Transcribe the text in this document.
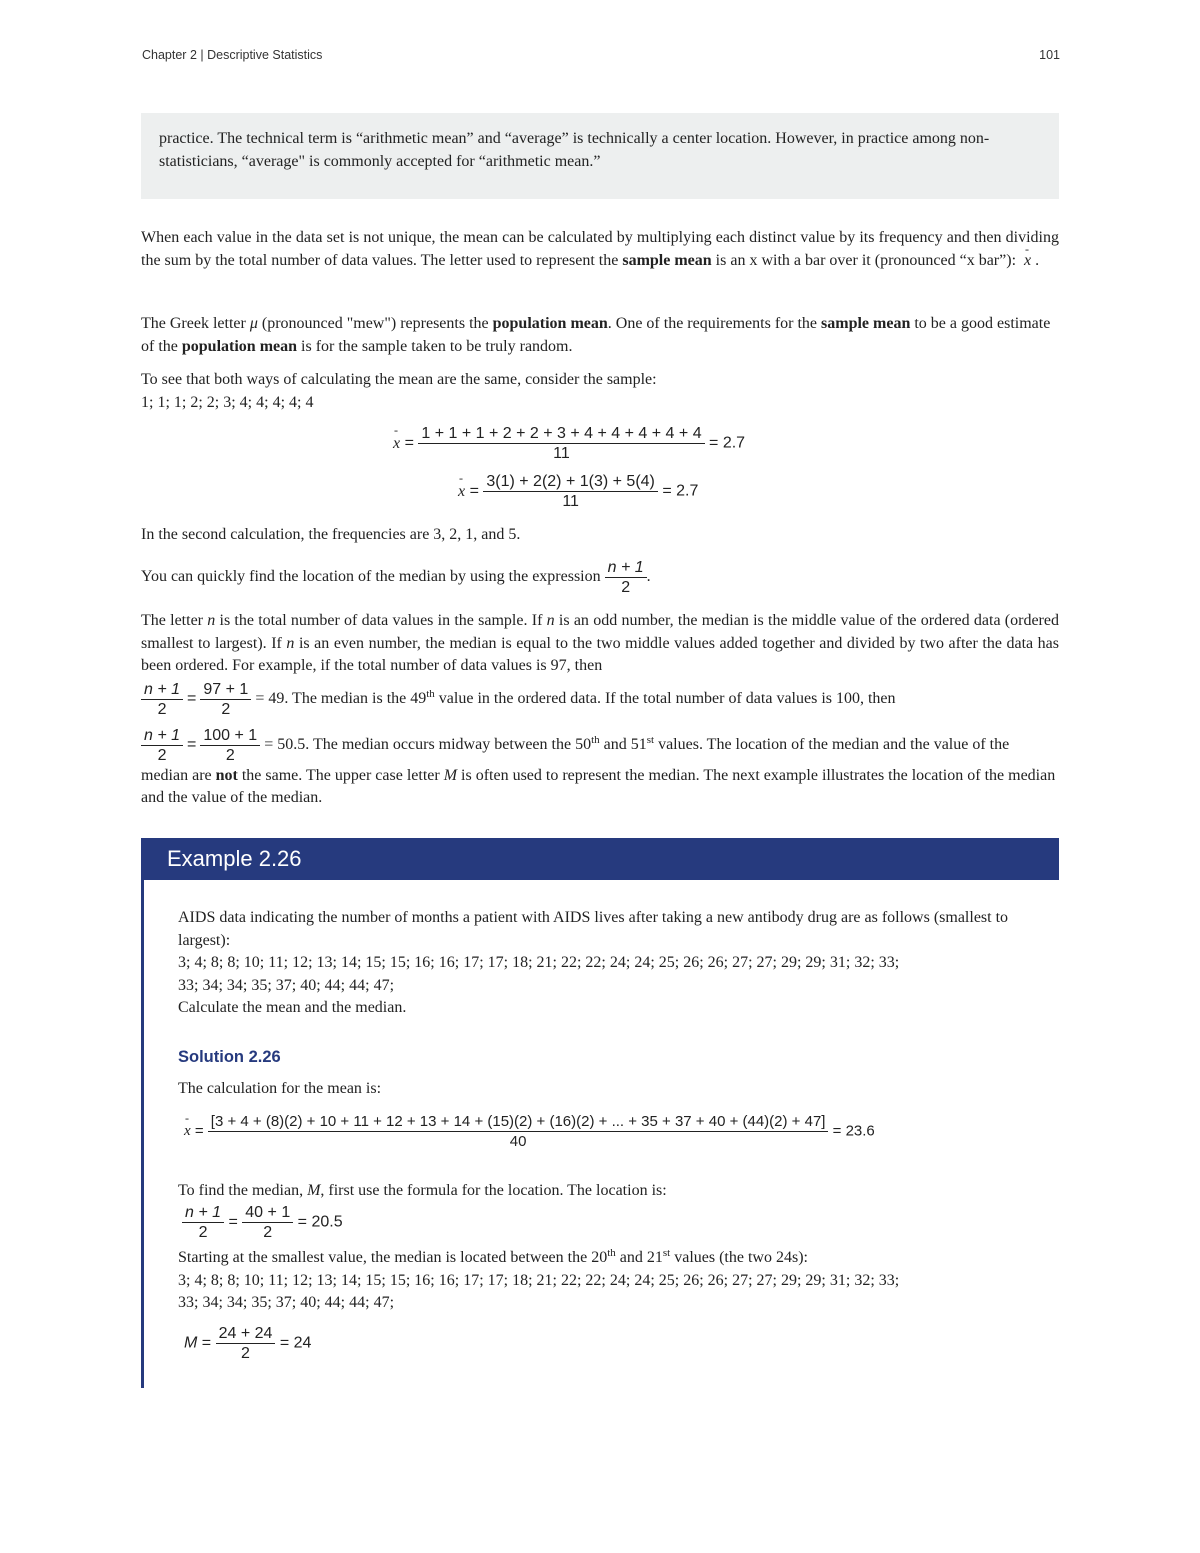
Chapter 2 | Descriptive Statistics	101
practice. The technical term is “arithmetic mean” and “average” is technically a center location. However, in practice among non-statisticians, “average" is commonly accepted for “arithmetic mean.”

When each value in the data set is not unique, the mean can be calculated by multiplying each distinct value by its frequency and then dividing the sum by the total number of data values. The letter used to represent the sample mean is an x with a bar over it (pronounced “x bar”):  - x .

The Greek letter μ (pronounced "mew") represents the population mean. One of the requirements for the sample mean to be a good estimate of the population mean is for the sample taken to be truly random.

To see that both ways of calculating the mean are the same, consider the sample:
1; 1; 1; 2; 2; 3; 4; 4; 4; 4; 4

- $x = \frac{1 + 1 + 1 + 2 + 2 + 3 + 4 + 4 + 4 + 4 + 4}{11} = 2.7$
- $x = \frac{3(1) + 2(2) + 1(3) + 5(4)}{11} = 2.7$

In the second calculation, the frequencies are 3, 2, 1, and 5.

You can quickly find the location of the median by using the expression $\frac{n + 1}{2}$ .

The letter n is the total number of data values in the sample. If n is an odd number, the median is the middle value of the ordered data (ordered smallest to largest). If n is an even number, the median is equal to the two middle values added together and divided by two after the data has been ordered. For example, if the total number of data values is 97, then

$\frac{n + 1}{2} = \frac{97 + 1}{2} = 49$. The median is the 49th value in the ordered data. If the total number of data values is 100, then
$\frac{n + 1}{2} = \frac{100 + 1}{2} = 50.5$. The median occurs midway between the 50th and 51st values. The location of the median and the value of the median are not the same. The upper case letter M is often used to represent the median. The next example illustrates the location of the median and the value of the median.
Example 2.26

AIDS data indicating the number of months a patient with AIDS lives after taking a new antibody drug are as follows (smallest to largest):
3; 4; 8; 8; 10; 11; 12; 13; 14; 15; 15; 16; 16; 17; 17; 18; 21; 22; 22; 24; 24; 25; 26; 26; 27; 27; 29; 29; 31; 32; 33;
33; 34; 34; 35; 37; 40; 44; 44; 47;
Calculate the mean and the median.

Solution 2.26

The calculation for the mean is:

- x =
[3 + 4 + (8)(2) + 10 + 11 + 12 + 13 + 14 + (15)(2) + (16)(2) + ... + 35 + 37 + 40 + (44)(2) + 47]
40
= 23.6

To find the median, M, first use the formula for the location. The location is:

$\frac{n + 1}{2} = \frac{40 + 1}{2} = 20.5$

Starting at the smallest value, the median is located between the 20th and 21st values (the two 24s):
3; 4; 8; 8; 10; 11; 12; 13; 14; 15; 15; 16; 16; 17; 17; 18; 21; 22; 22; 24; 24; 25; 26; 26; 27; 27; 29; 29; 31; 32; 33;
33; 34; 34; 35; 37; 40; 44; 44; 47;

$M = \frac{24 + 24}{2} = 24$
